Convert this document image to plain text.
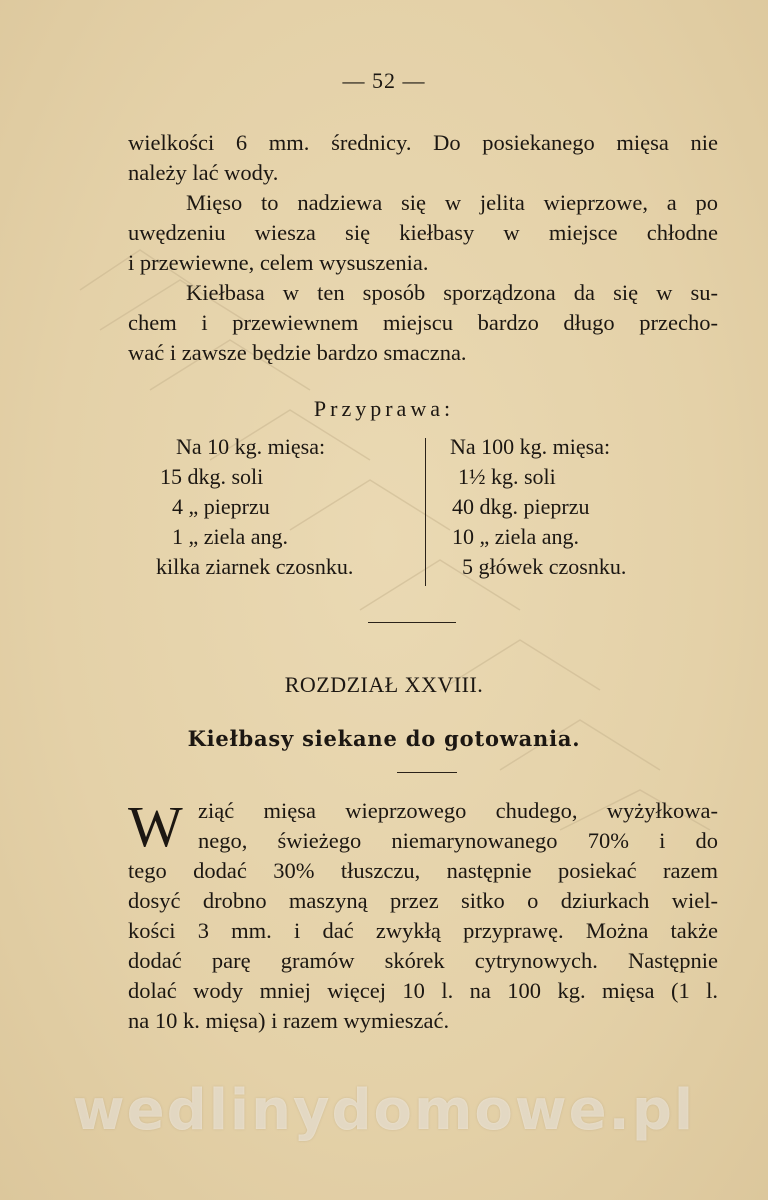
— 52 —
wielkości 6 mm. średnicy. Do posiekanego mięsa nie
należy lać wody.
Mięso to nadziewa się w jelita wieprzowe, a po
uwędzeniu wiesza się kiełbasy w miejsce chłodne
i przewiewne, celem wysuszenia.
Kiełbasa w ten sposób sporządzona da się w su-
chem i przewiewnem miejscu bardzo długo przecho-
wać i zawsze będzie bardzo smaczna.
Przyprawa:
Na 10 kg. mięsa:
15 dkg. soli
4 „ pieprzu
1 „ ziela ang.
kilka ziarnek czosnku.
Na 100 kg. mięsa:
1½ kg. soli
40 dkg. pieprzu
10 „ ziela ang.
5 główek czosnku.
ROZDZIAŁ XXVIII.
Kiełbasy siekane do gotowania.
W ziąć mięsa wieprzowego chudego, wyżyłkowa-
nego, świeżego niemarynowanego 70% i do
tego dodać 30% tłuszczu, następnie posiekać razem
dosyć drobno maszyną przez sitko o dziurkach wiel-
kości 3 mm. i dać zwykłą przyprawę. Można także
dodać parę gramów skórek cytrynowych. Następnie
dolać wody mniej więcej 10 l. na 100 kg. mięsa (1 l.
na 10 k. mięsa) i razem wymieszać.
wedlinydomowe.pl
